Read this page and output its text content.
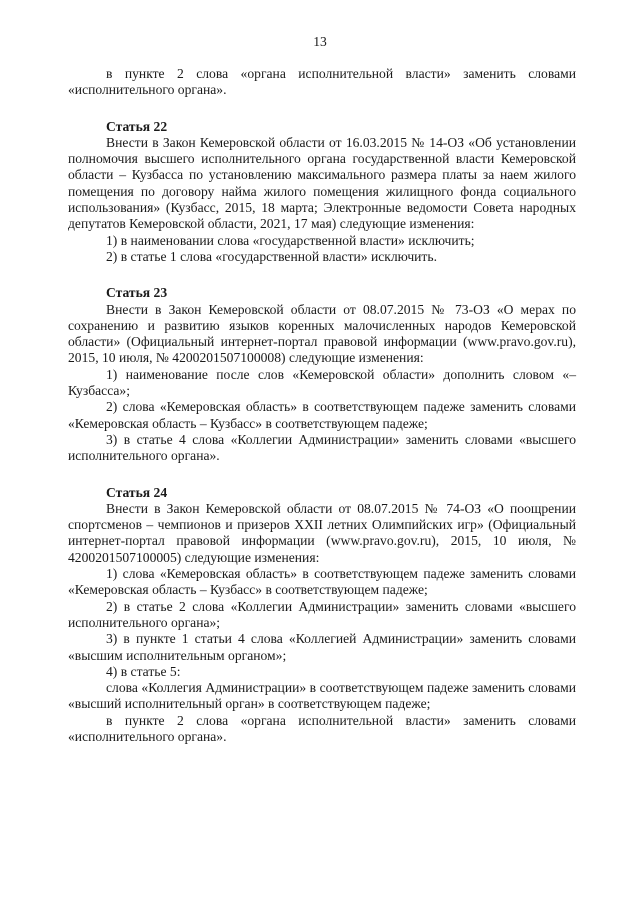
13

в пункте 2 слова «органа исполнительной власти» заменить словами «исполнительного органа».

Статья 22

Внести в Закон Кемеровской области от 16.03.2015 № 14-ОЗ «Об установлении полномочия высшего исполнительного органа государственной власти Кемеровской области – Кузбасса по установлению максимального размера платы за наем жилого помещения по договору найма жилого помещения жилищного фонда социального использования» (Кузбасс, 2015, 18 марта; Электронные ведомости Совета народных депутатов Кемеровской области, 2021, 17 мая) следующие изменения:

1) в наименовании слова «государственной власти» исключить;

2) в статье 1 слова «государственной власти» исключить.

Статья 23

Внести в Закон Кемеровской области от 08.07.2015 № 73-ОЗ «О мерах по сохранению и развитию языков коренных малочисленных народов Кемеровской области» (Официальный интернет-портал правовой информации (www.pravo.gov.ru), 2015, 10 июля, № 4200201507100008) следующие изменения:

1) наименование после слов «Кемеровской области» дополнить словом «– Кузбасса»;

2) слова «Кемеровская область» в соответствующем падеже заменить словами «Кемеровская область – Кузбасс» в соответствующем падеже;

3) в статье 4 слова «Коллегии Администрации» заменить словами «высшего исполнительного органа».

Статья 24

Внести в Закон Кемеровской области от 08.07.2015 № 74-ОЗ «О поощрении спортсменов – чемпионов и призеров XXII летних Олимпийских игр» (Официальный интернет-портал правовой информации (www.pravo.gov.ru), 2015, 10 июля, № 4200201507100005) следующие изменения:

1) слова «Кемеровская область» в соответствующем падеже заменить словами «Кемеровская область – Кузбасс» в соответствующем падеже;

2) в статье 2 слова «Коллегии Администрации» заменить словами «высшего исполнительного органа»;

3) в пункте 1 статьи 4 слова «Коллегией Администрации» заменить словами «высшим исполнительным органом»;

4) в статье 5:

слова «Коллегия Администрации» в соответствующем падеже заменить словами «высший исполнительный орган» в соответствующем падеже;

в пункте 2 слова «органа исполнительной власти» заменить словами «исполнительного органа».
